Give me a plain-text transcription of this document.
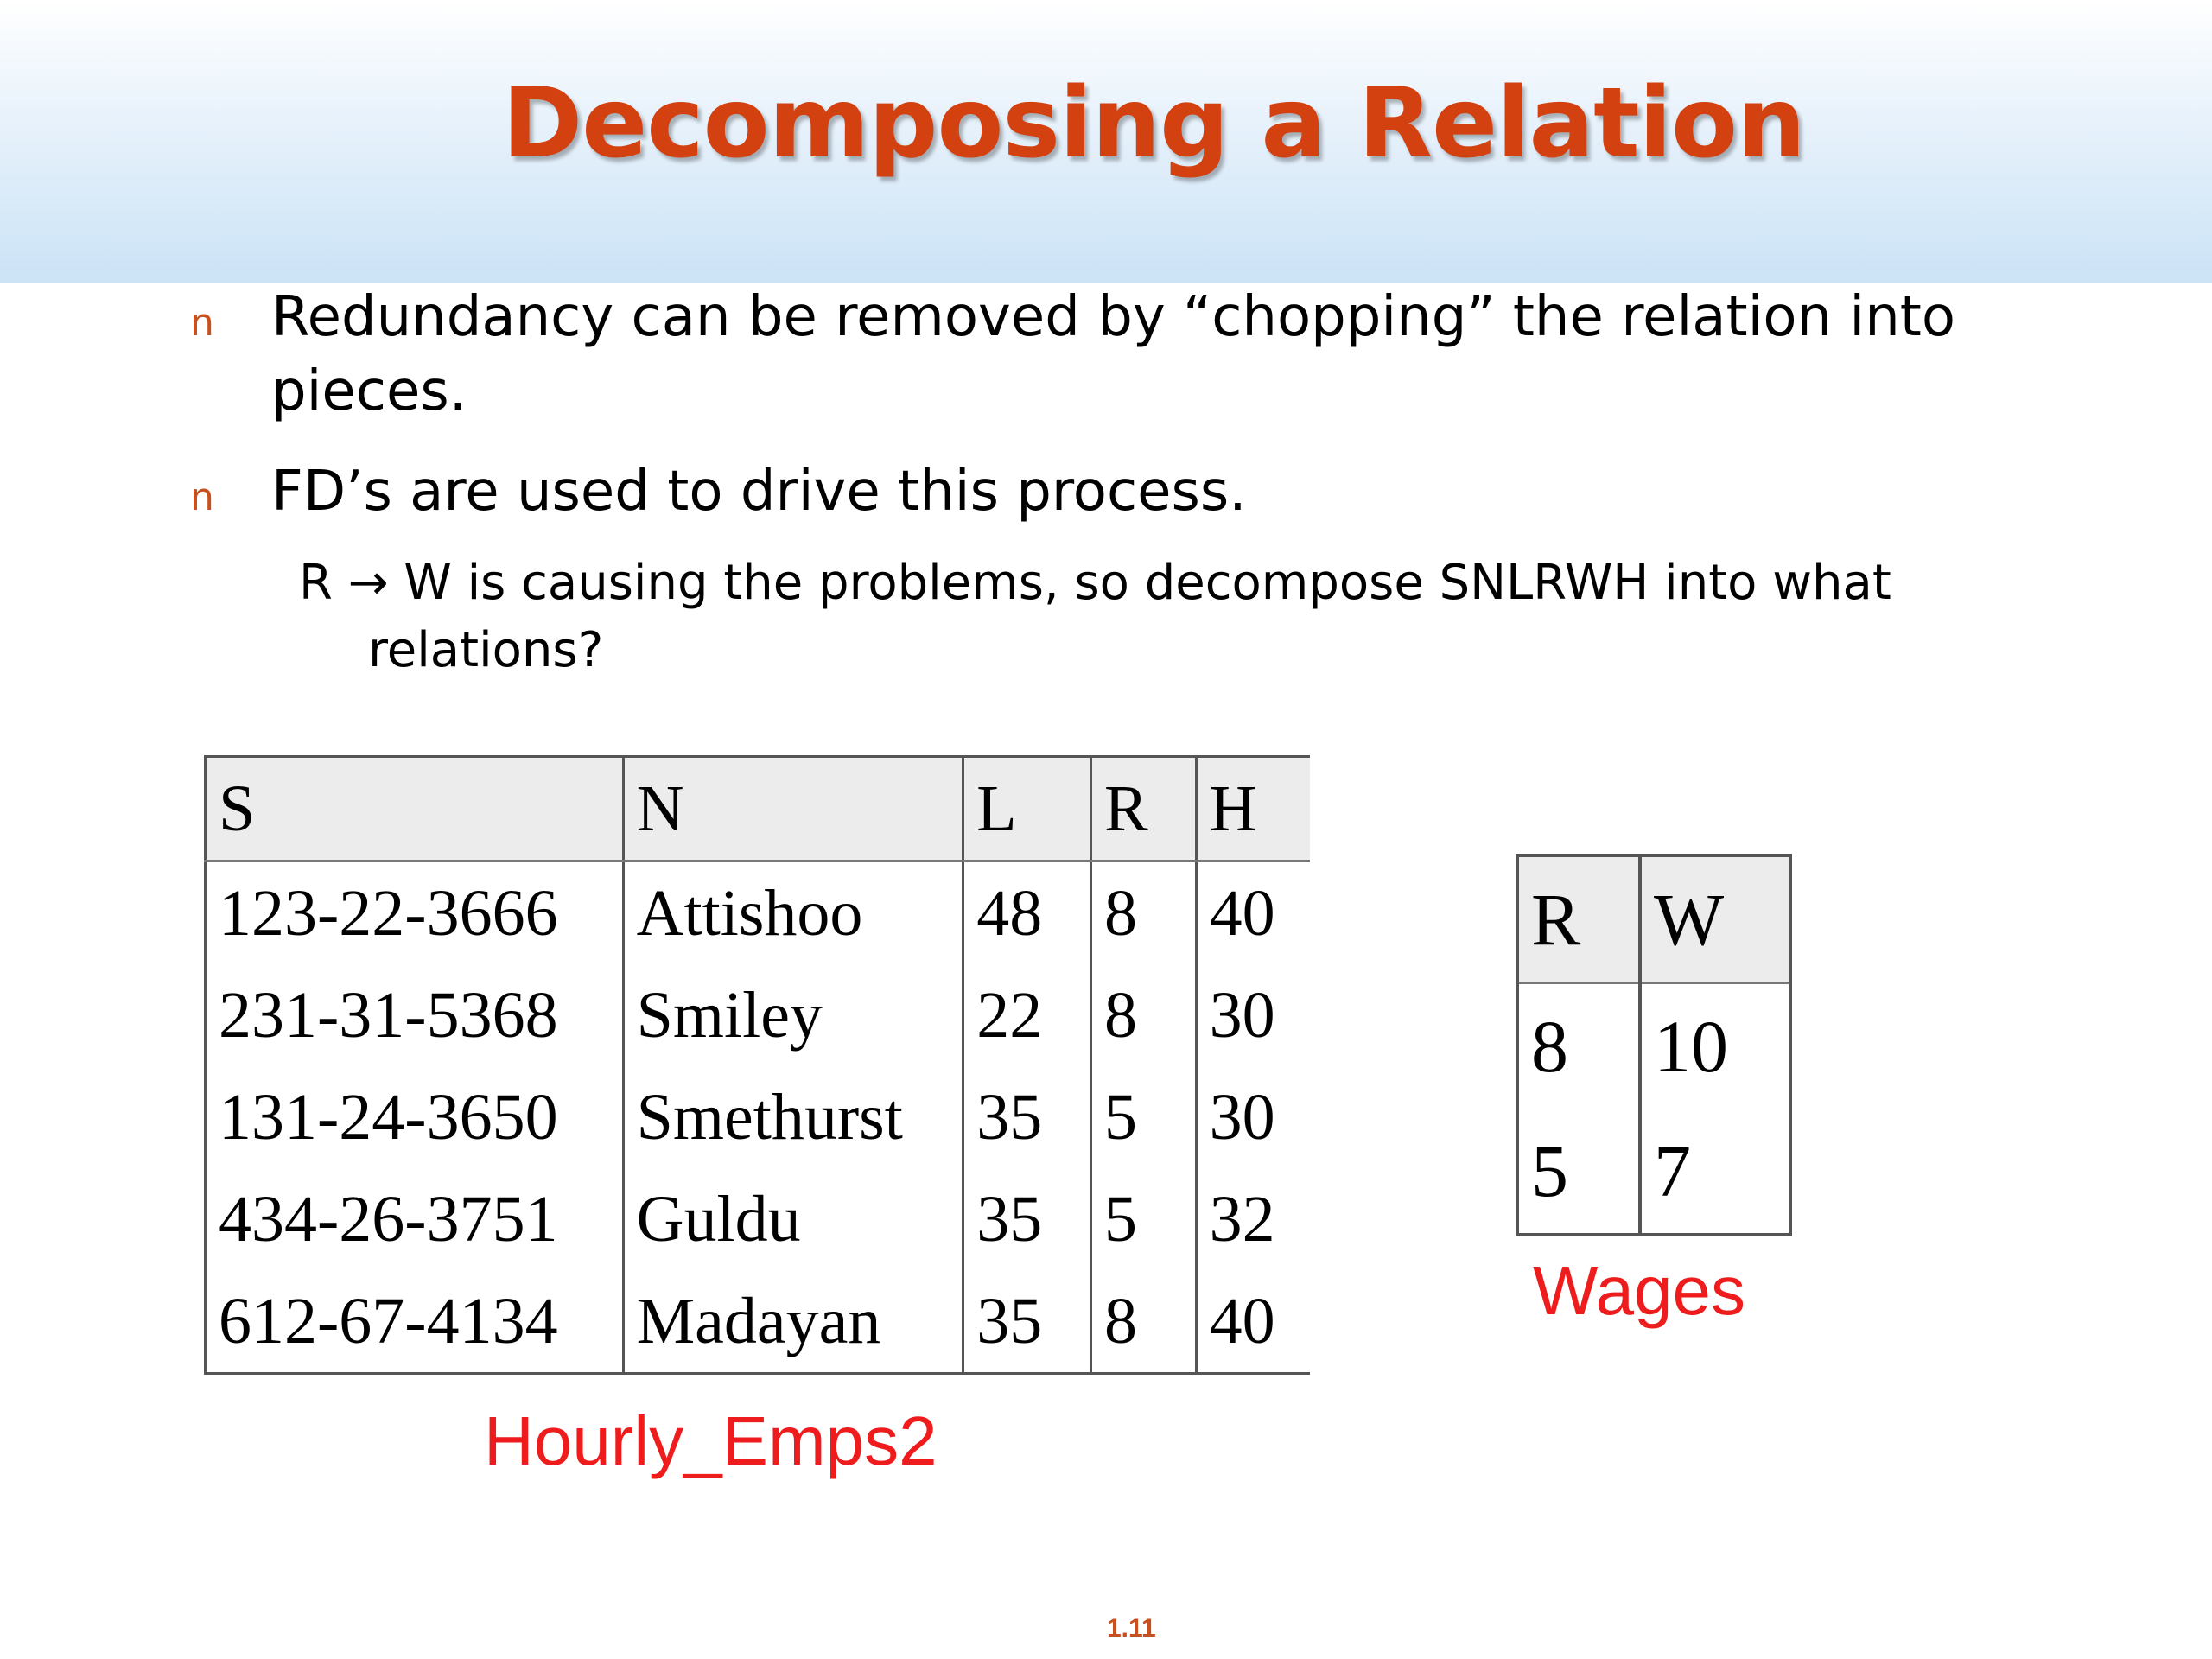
Decomposing a Relation
n Redundancy can be removed by “chopping” the relation into
pieces.
n FD’s are used to drive this process.
R → W is causing the problems, so decompose SNLRWH into what
relations?
S	N	L	R	H
123-22-3666	Attishoo	48	8	40
231-31-5368	Smiley	22	8	30
131-24-3650	Smethurst	35	5	30
434-26-3751	Guldu	35	5	32
612-67-4134	Madayan	35	8	40
Hourly_Emps2
R	W
8	10
5	7
Wages
1.11
